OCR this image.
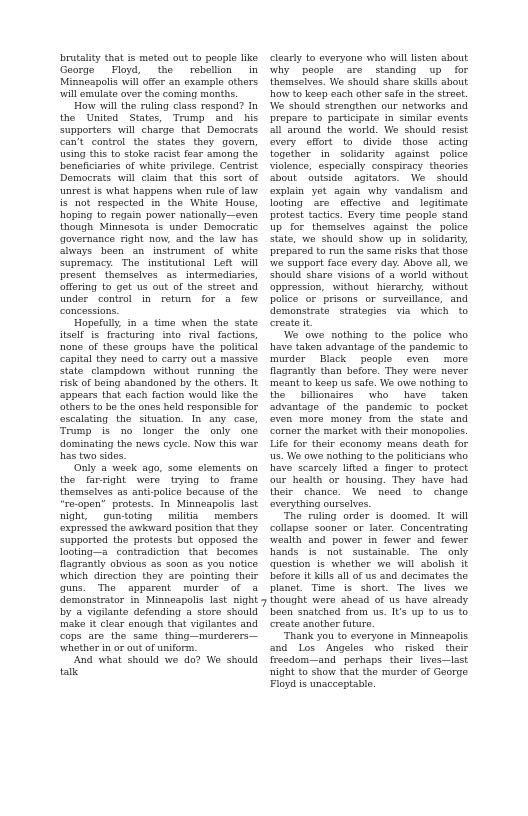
brutality that is meted out to people like George Floyd, the rebellion in Minneapolis will offer an example others will emulate over the coming months.

How will the ruling class respond? In the United States, Trump and his supporters will charge that Democrats can’t control the states they govern, using this to stoke racist fear among the beneficiaries of white privilege. Centrist Democrats will claim that this sort of unrest is what happens when rule of law is not respected in the White House, hoping to regain power nationally—even though Minnesota is under Democratic governance right now, and the law has always been an instrument of white supremacy. The institutional Left will present themselves as intermediaries, offering to get us out of the street and under control in return for a few concessions.

Hopefully, in a time when the state itself is fracturing into rival factions, none of these groups have the political capital they need to carry out a massive state clampdown without running the risk of being abandoned by the others. It appears that each faction would like the others to be the ones held responsible for escalating the situation. In any case, Trump is no longer the only one dominating the news cycle. Now this war has two sides.

Only a week ago, some elements on the far-right were trying to frame themselves as anti-police because of the “re-open” protests. In Minneapolis last night, gun-toting militia members expressed the awkward position that they supported the protests but opposed the looting—a contradiction that becomes flagrantly obvious as soon as you notice which direction they are pointing their guns. The apparent murder of a demonstrator in Minneapolis last night by a vigilante defending a store should make it clear enough that vigilantes and cops are the same thing—murderers—whether in or out of uniform.

And what should we do? We should talk

clearly to everyone who will listen about why people are standing up for themselves. We should share skills about how to keep each other safe in the street. We should strengthen our networks and prepare to participate in similar events all around the world. We should resist every effort to divide those acting together in solidarity against police violence, especially conspiracy theories about outside agitators. We should explain yet again why vandalism and looting are effective and legitimate protest tactics. Every time people stand up for themselves against the police state, we should show up in solidarity, prepared to run the same risks that those we support face every day. Above all, we should share visions of a world without oppression, without hierarchy, without police or prisons or surveillance, and demonstrate strategies via which to create it.

We owe nothing to the police who have taken advantage of the pandemic to murder Black people even more flagrantly than before. They were never meant to keep us safe. We owe nothing to the billionaires who have taken advantage of the pandemic to pocket even more money from the state and corner the market with their monopolies. Life for their economy means death for us. We owe nothing to the politicians who have scarcely lifted a finger to protect our health or housing. They have had their chance. We need to change everything ourselves.

The ruling order is doomed. It will collapse sooner or later. Concentrating wealth and power in fewer and fewer hands is not sustainable. The only question is whether we will abolish it before it kills all of us and decimates the planet. Time is short. The lives we thought were ahead of us have already been snatched from us. It’s up to us to create another future.

Thank you to everyone in Minneapolis and Los Angeles who risked their freedom—and perhaps their lives—last night to show that the murder of George Floyd is unacceptable.

7
